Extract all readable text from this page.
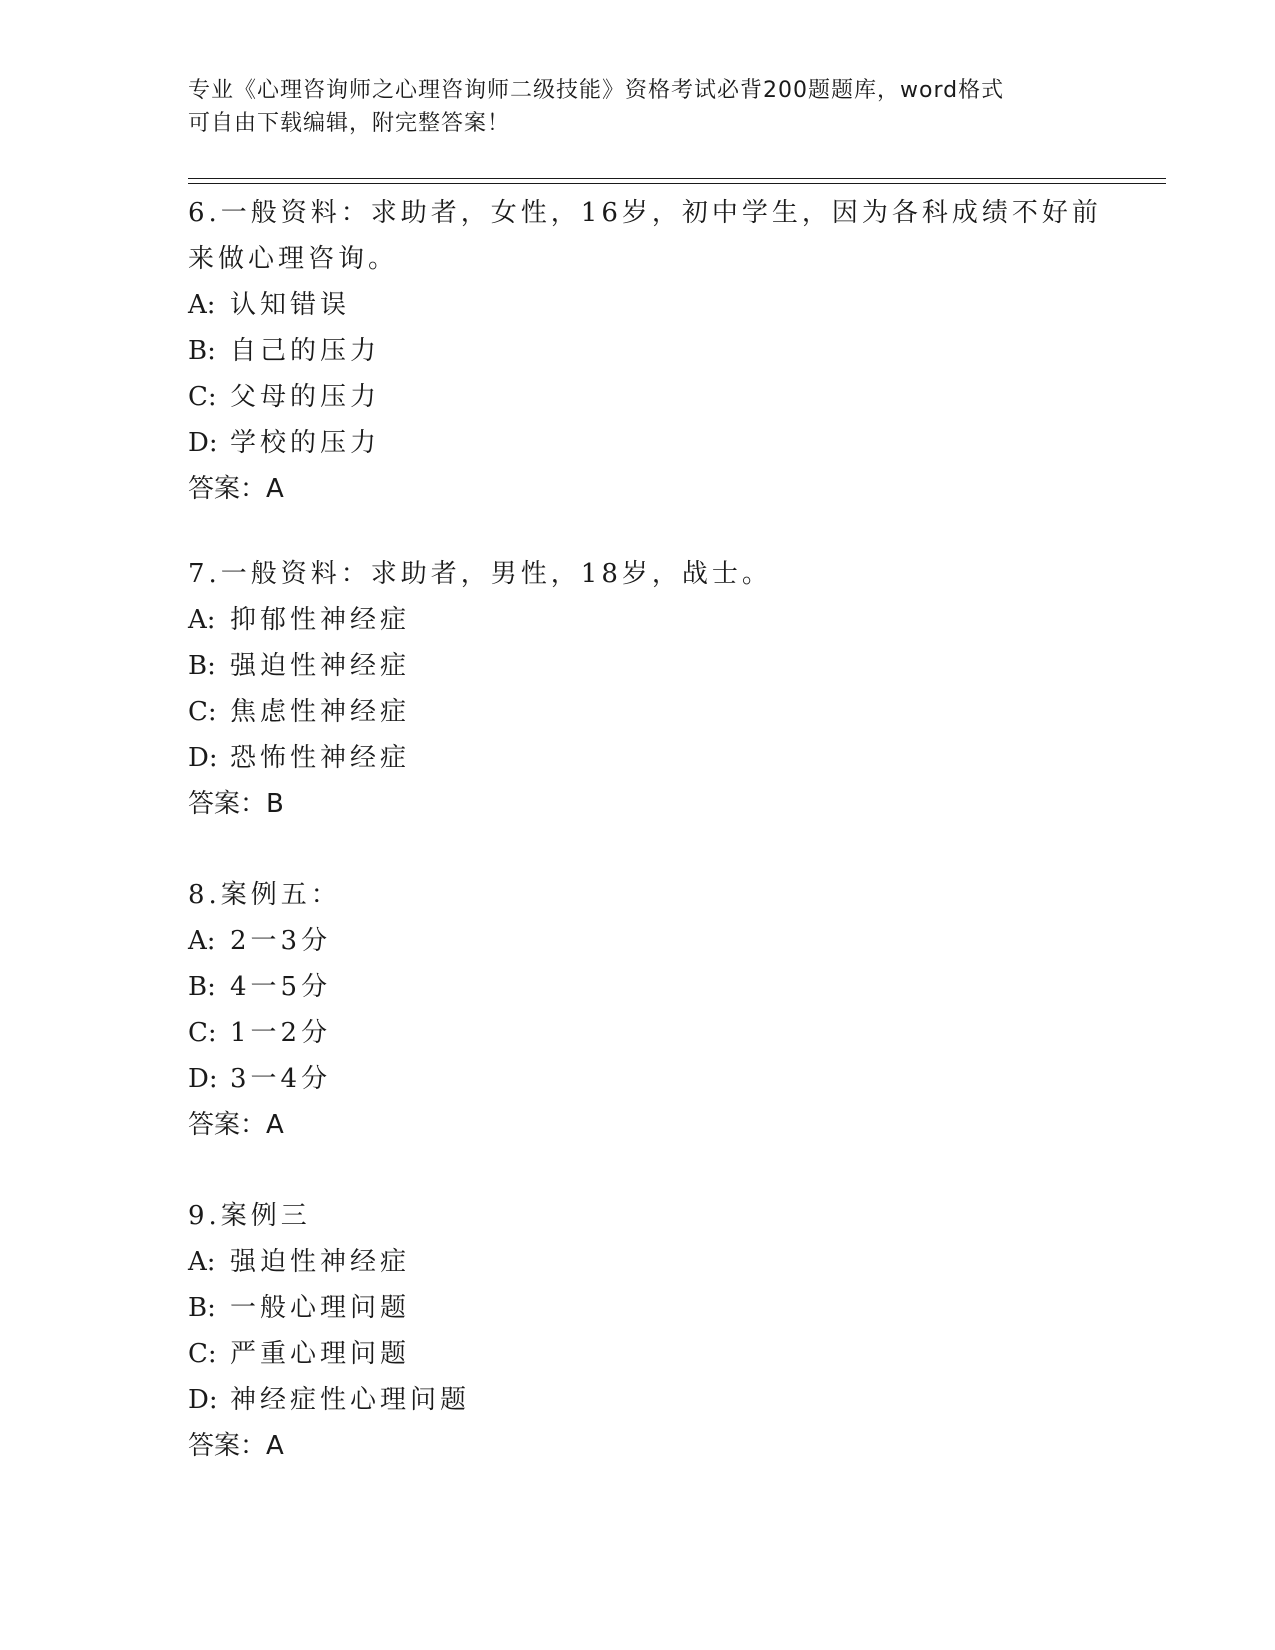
专业《心理咨询师之心理咨询师二级技能》资格考试必背200题题库，word格式

可自由下载编辑，附完整答案！

6.一般资料：求助者，女性，16岁，初中学生，因为各科成绩不好前

来做心理咨询。

A: 认知错误

B: 自己的压力

C: 父母的压力

D: 学校的压力

答案：A

7.一般资料：求助者，男性，18岁，战士。

A: 抑郁性神经症

B: 强迫性神经症

C: 焦虑性神经症

D: 恐怖性神经症

答案：B

8.案例五：

A: 2一3分

B: 4一5分

C: 1一2分

D: 3一4分

答案：A

9.案例三

A: 强迫性神经症

B: 一般心理问题

C: 严重心理问题

D: 神经症性心理问题

答案：A
